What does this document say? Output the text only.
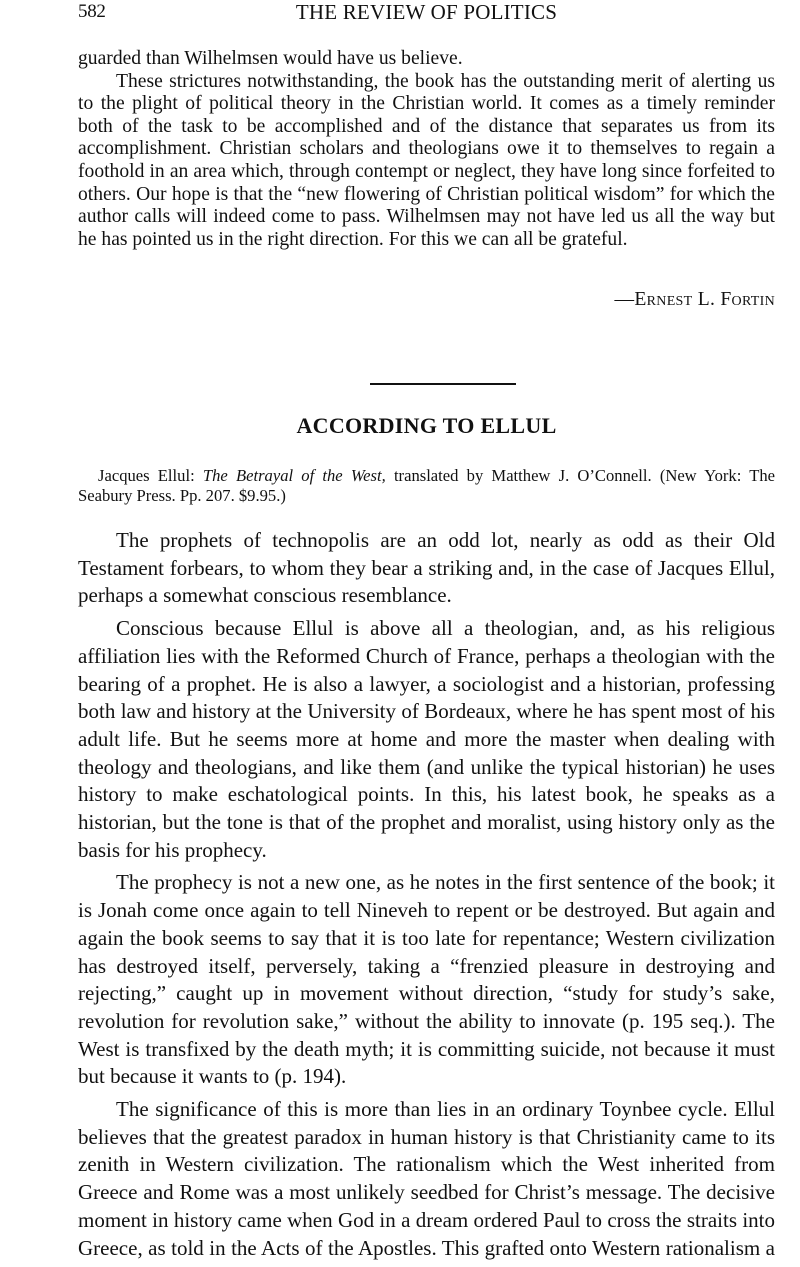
582	THE REVIEW OF POLITICS

guarded than Wilhelmsen would have us believe.

These strictures notwithstanding, the book has the outstanding merit of alerting us to the plight of political theory in the Christian world. It comes as a timely reminder both of the task to be accomplished and of the distance that separates us from its accomplishment. Christian scholars and theologians owe it to themselves to regain a foothold in an area which, through contempt or neglect, they have long since forfeited to others. Our hope is that the “new flowering of Christian political wisdom” for which the author calls will indeed come to pass. Wilhelmsen may not have led us all the way but he has pointed us in the right direction. For this we can all be grateful.

—Ernest L. Fortin
ACCORDING TO ELLUL
Jacques Ellul: The Betrayal of the West, translated by Matthew J. O’Connell. (New York: The Seabury Press. Pp. 207. $9.95.)

The prophets of technopolis are an odd lot, nearly as odd as their Old Testament forbears, to whom they bear a striking and, in the case of Jacques Ellul, perhaps a somewhat conscious resemblance.

Conscious because Ellul is above all a theologian, and, as his religious affiliation lies with the Reformed Church of France, perhaps a theologian with the bearing of a prophet. He is also a lawyer, a sociologist and a historian, professing both law and history at the University of Bordeaux, where he has spent most of his adult life. But he seems more at home and more the master when dealing with theology and theologians, and like them (and unlike the typical historian) he uses history to make eschatological points. In this, his latest book, he speaks as a historian, but the tone is that of the prophet and moralist, using history only as the basis for his prophecy.

The prophecy is not a new one, as he notes in the first sentence of the book; it is Jonah come once again to tell Nineveh to repent or be destroyed. But again and again the book seems to say that it is too late for repentance; Western civilization has destroyed itself, perversely, taking a “frenzied pleasure in destroying and rejecting,” caught up in movement without direction, “study for study’s sake, revolution for revolution sake,” without the ability to innovate (p. 195 seq.). The West is transfixed by the death myth; it is committing suicide, not because it must but because it wants to (p. 194).

The significance of this is more than lies in an ordinary Toynbee cycle. Ellul believes that the greatest paradox in human history is that Christianity came to its zenith in Western civilization. The rationalism which the West inherited from Greece and Rome was a most unlikely seedbed for Christ’s message. The decisive moment in history came when God in a dream ordered Paul to cross the straits into Greece, as told in the Acts of the Apostles. This grafted onto Western rationalism a
